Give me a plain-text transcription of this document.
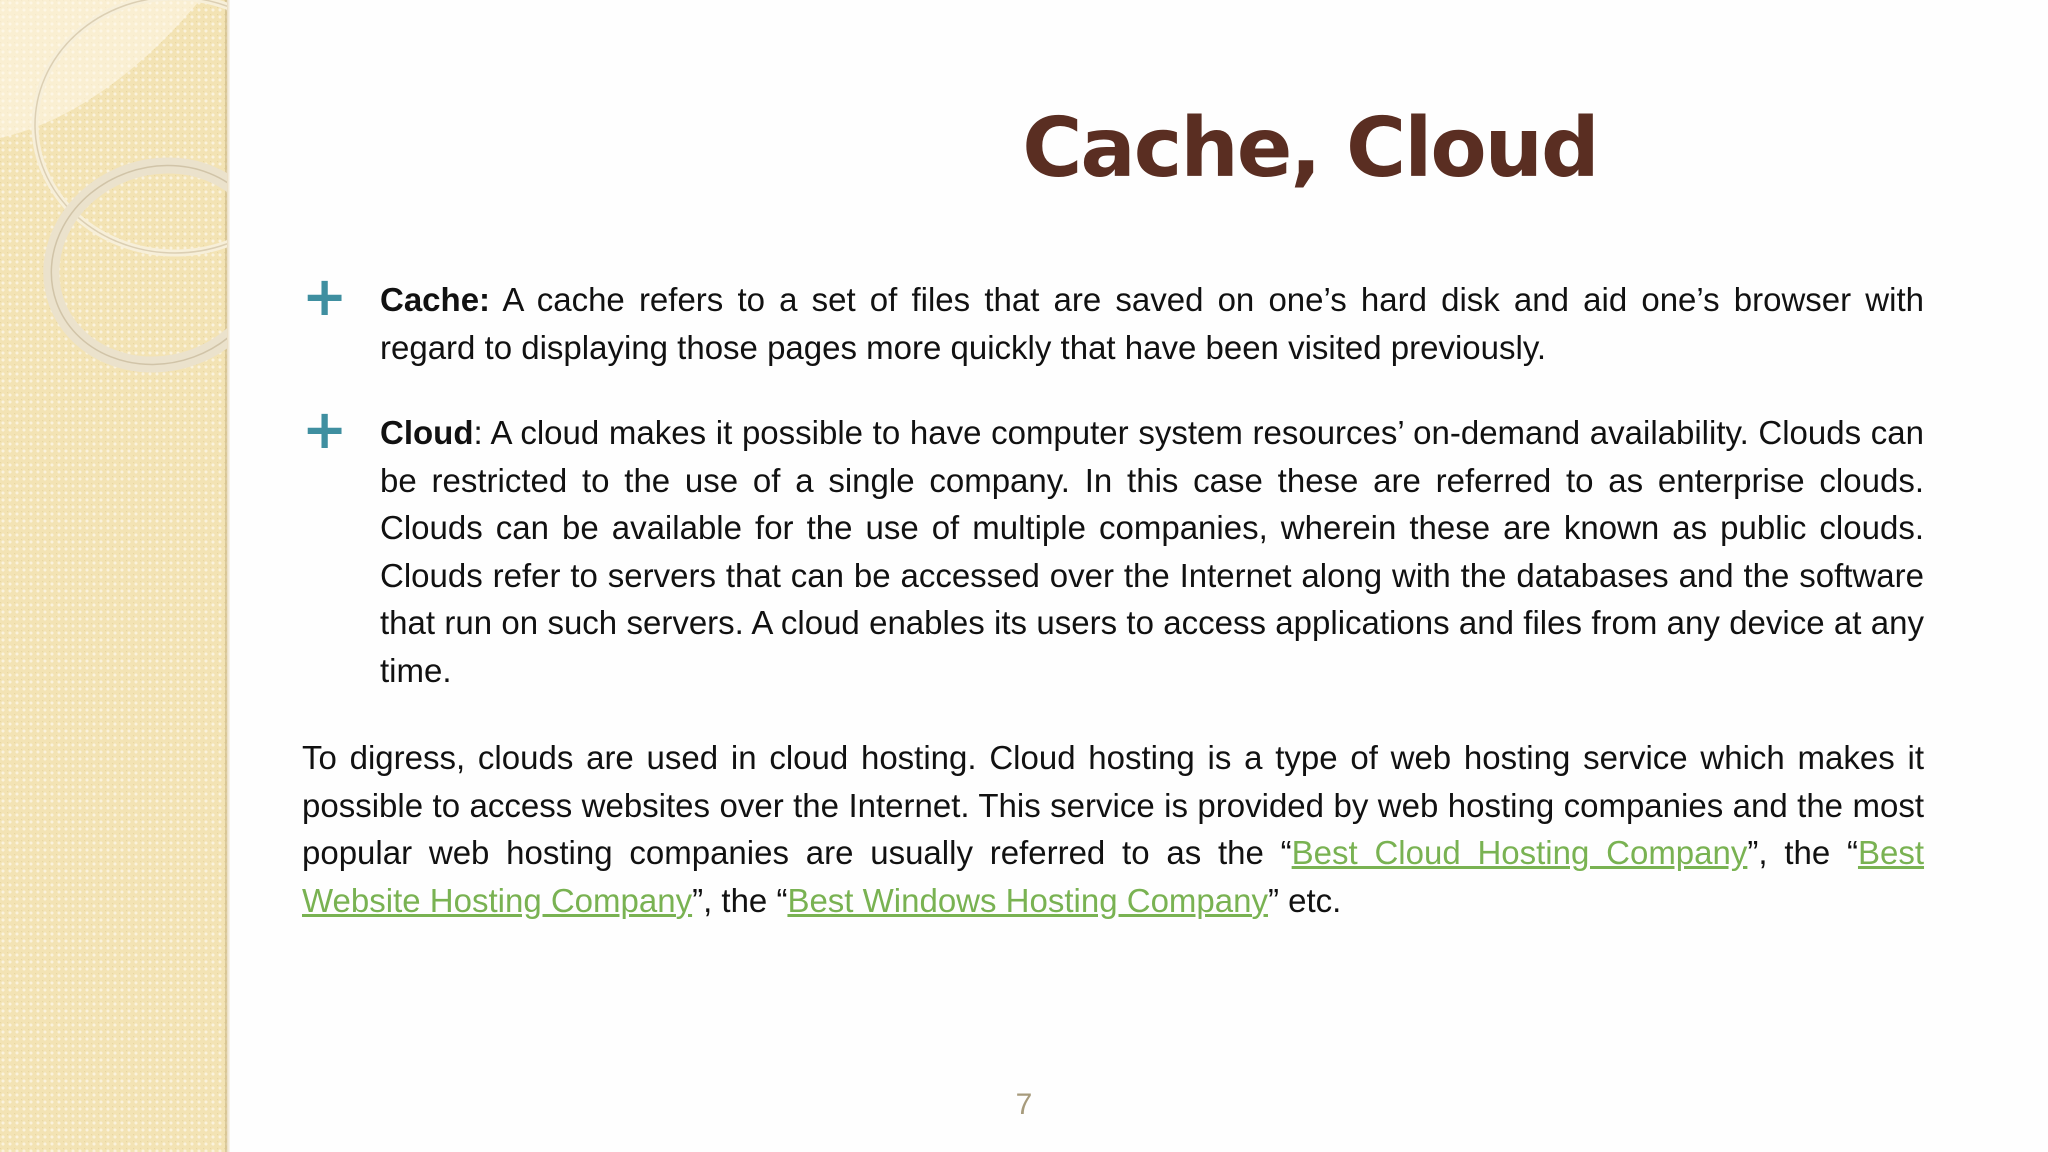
Cache, Cloud
+ Cache: A cache refers to a set of files that are saved on one’s hard disk and aid one’s browser with regard to displaying those pages more quickly that have been visited previously.
+ Cloud: A cloud makes it possible to have computer system resources’ on-demand availability. Clouds can be restricted to the use of a single company. In this case these are referred to as enterprise clouds. Clouds can be available for the use of multiple companies, wherein these are known as public clouds. Clouds refer to servers that can be accessed over the Internet along with the databases and the software that run on such servers. A cloud enables its users to access applications and files from any device at any time.
To digress, clouds are used in cloud hosting. Cloud hosting is a type of web hosting service which makes it possible to access websites over the Internet. This service is provided by web hosting companies and the most popular web hosting companies are usually referred to as the “Best Cloud Hosting Company”, the “Best Website Hosting Company”, the “Best Windows Hosting Company” etc.
7
